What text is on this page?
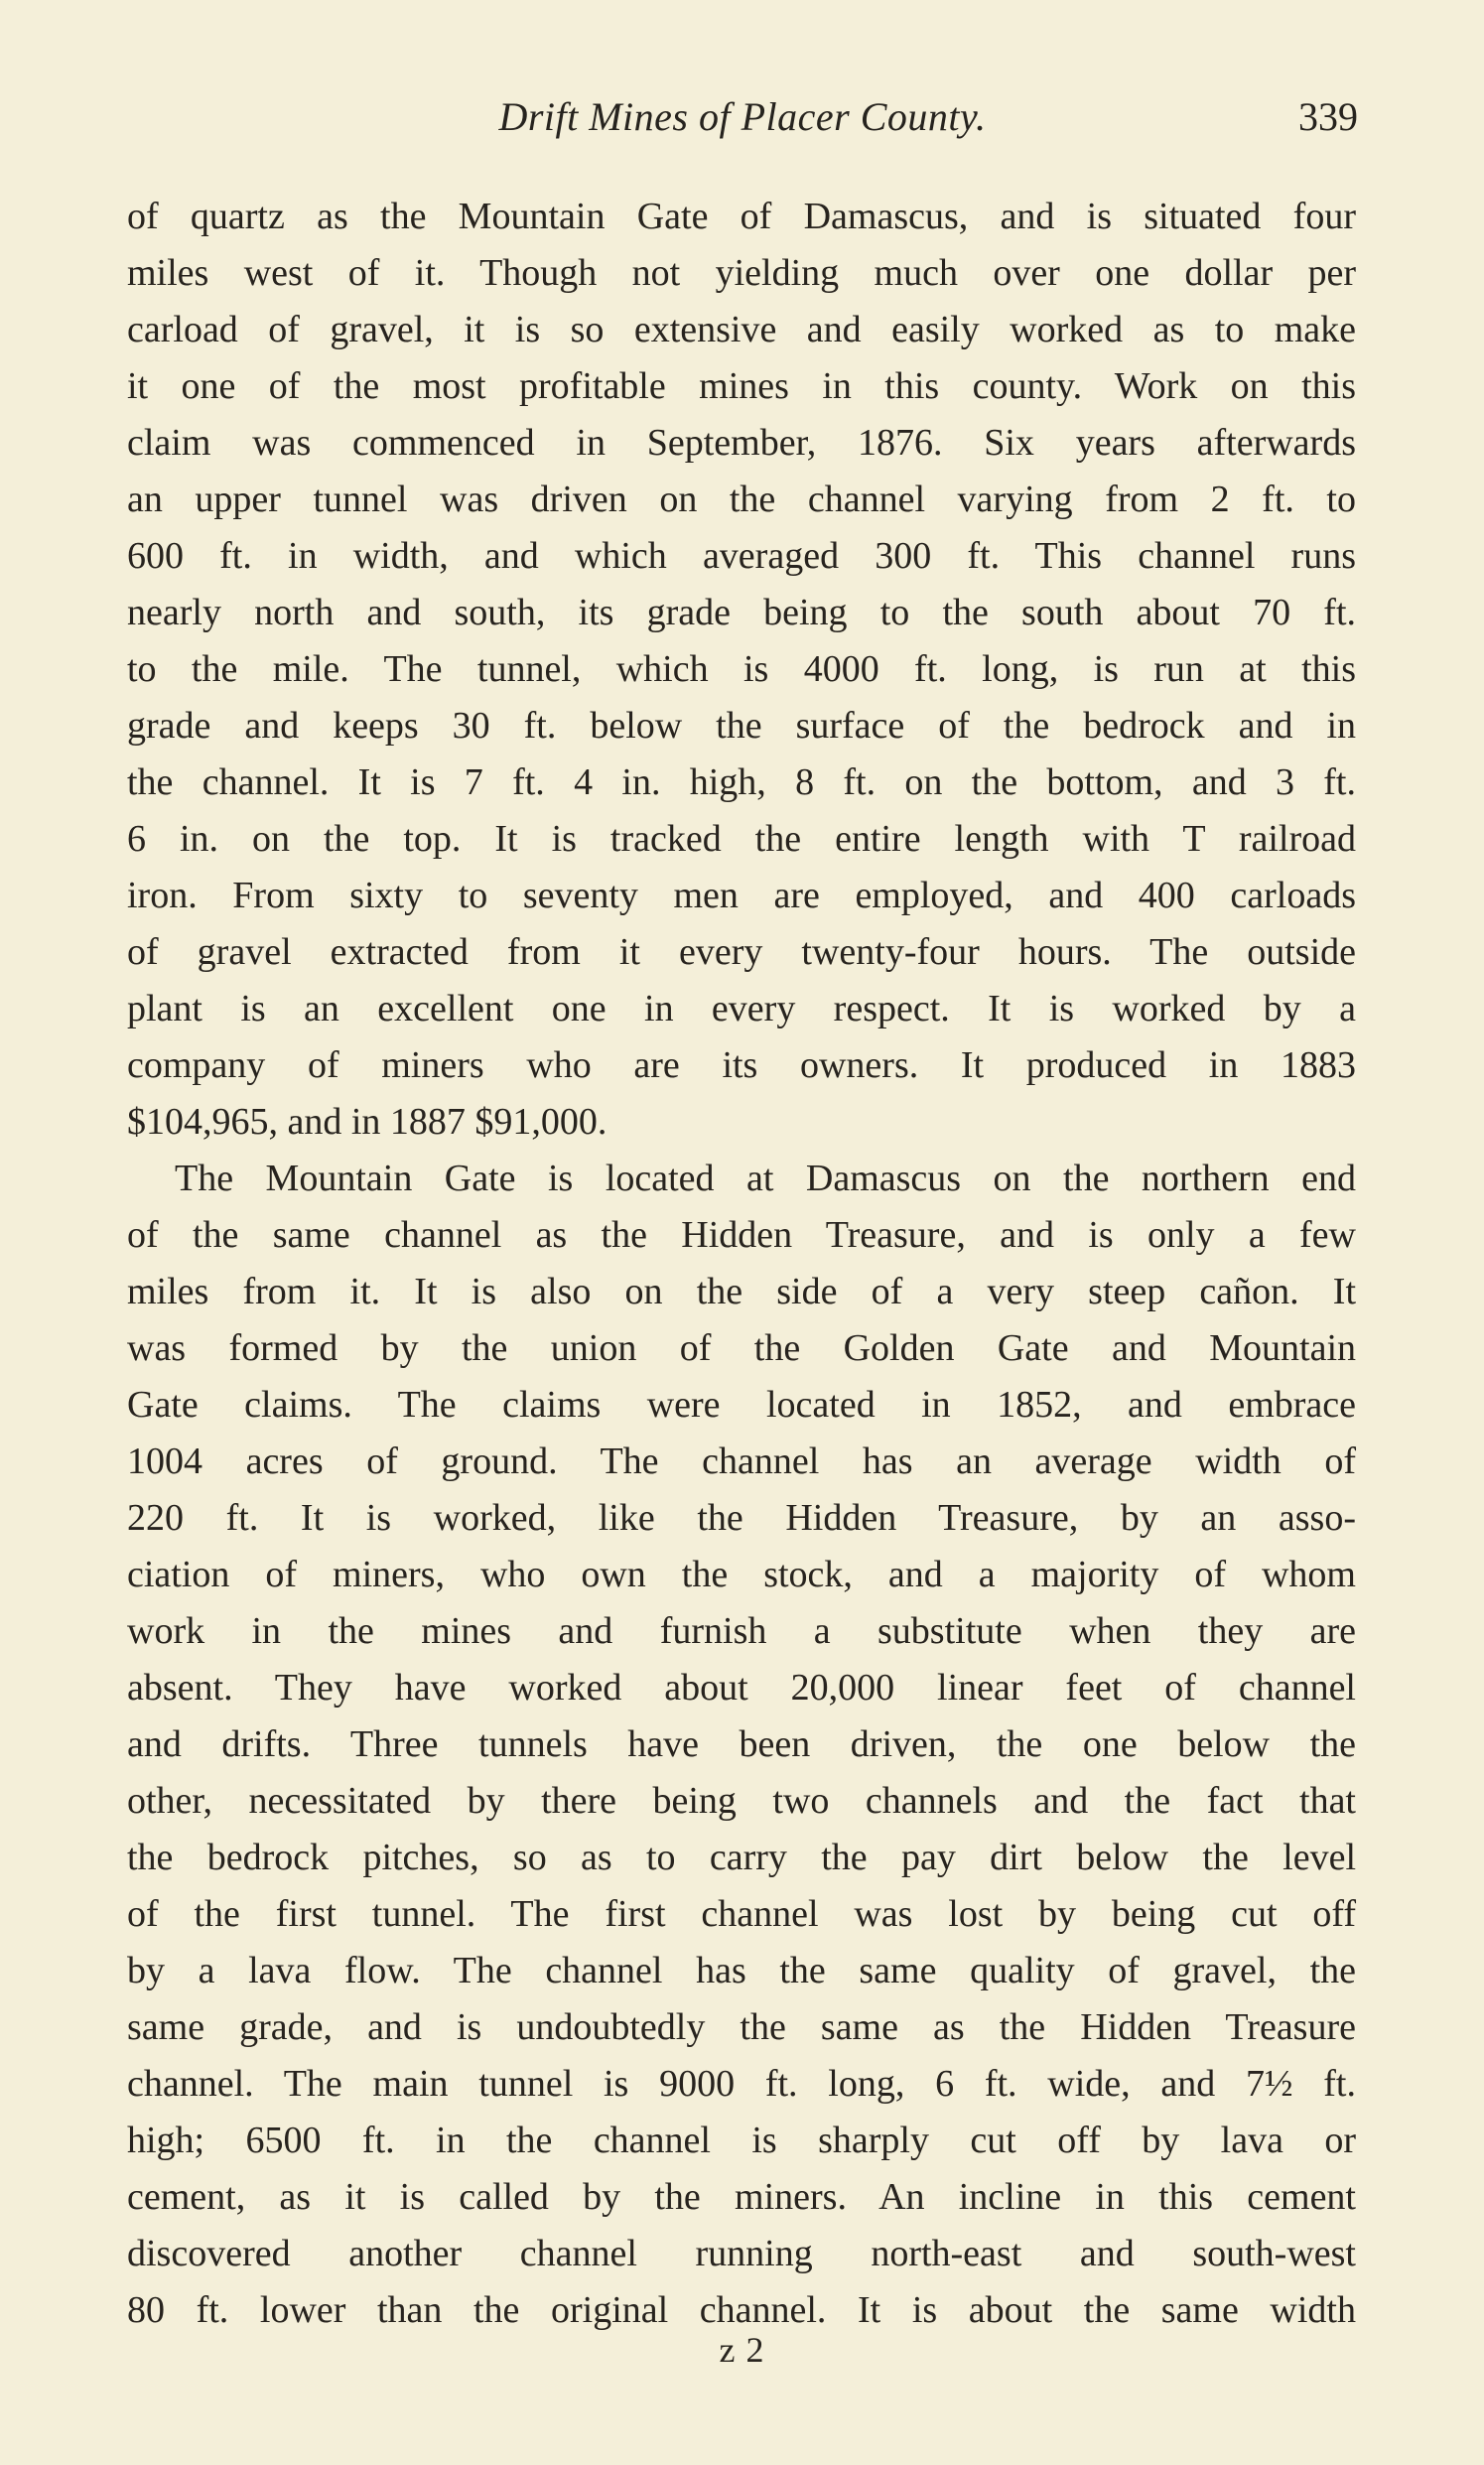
Drift Mines of Placer County.	339
of quartz as the Mountain Gate of Damascus, and is situated four
miles west of it. Though not yielding much over one dollar per
carload of gravel, it is so extensive and easily worked as to make
it one of the most profitable mines in this county. Work on this
claim was commenced in September, 1876. Six years afterwards
an upper tunnel was driven on the channel varying from 2 ft. to
600 ft. in width, and which averaged 300 ft. This channel runs
nearly north and south, its grade being to the south about 70 ft.
to the mile. The tunnel, which is 4000 ft. long, is run at this
grade and keeps 30 ft. below the surface of the bedrock and in
the channel. It is 7 ft. 4 in. high, 8 ft. on the bottom, and 3 ft.
6 in. on the top. It is tracked the entire length with T railroad
iron. From sixty to seventy men are employed, and 400 carloads
of gravel extracted from it every twenty-four hours. The outside
plant is an excellent one in every respect. It is worked by a
company of miners who are its owners. It produced in 1883
$104,965, and in 1887 $91,000.
The Mountain Gate is located at Damascus on the northern end
of the same channel as the Hidden Treasure, and is only a few
miles from it. It is also on the side of a very steep cañon. It
was formed by the union of the Golden Gate and Mountain
Gate claims. The claims were located in 1852, and embrace
1004 acres of ground. The channel has an average width of
220 ft. It is worked, like the Hidden Treasure, by an asso-
ciation of miners, who own the stock, and a majority of whom
work in the mines and furnish a substitute when they are
absent. They have worked about 20,000 linear feet of channel
and drifts. Three tunnels have been driven, the one below the
other, necessitated by there being two channels and the fact that
the bedrock pitches, so as to carry the pay dirt below the level
of the first tunnel. The first channel was lost by being cut off
by a lava flow. The channel has the same quality of gravel, the
same grade, and is undoubtedly the same as the Hidden Treasure
channel. The main tunnel is 9000 ft. long, 6 ft. wide, and 7½ ft.
high; 6500 ft. in the channel is sharply cut off by lava or
cement, as it is called by the miners. An incline in this cement
discovered another channel running north-east and south-west
80 ft. lower than the original channel. It is about the same width
z 2
